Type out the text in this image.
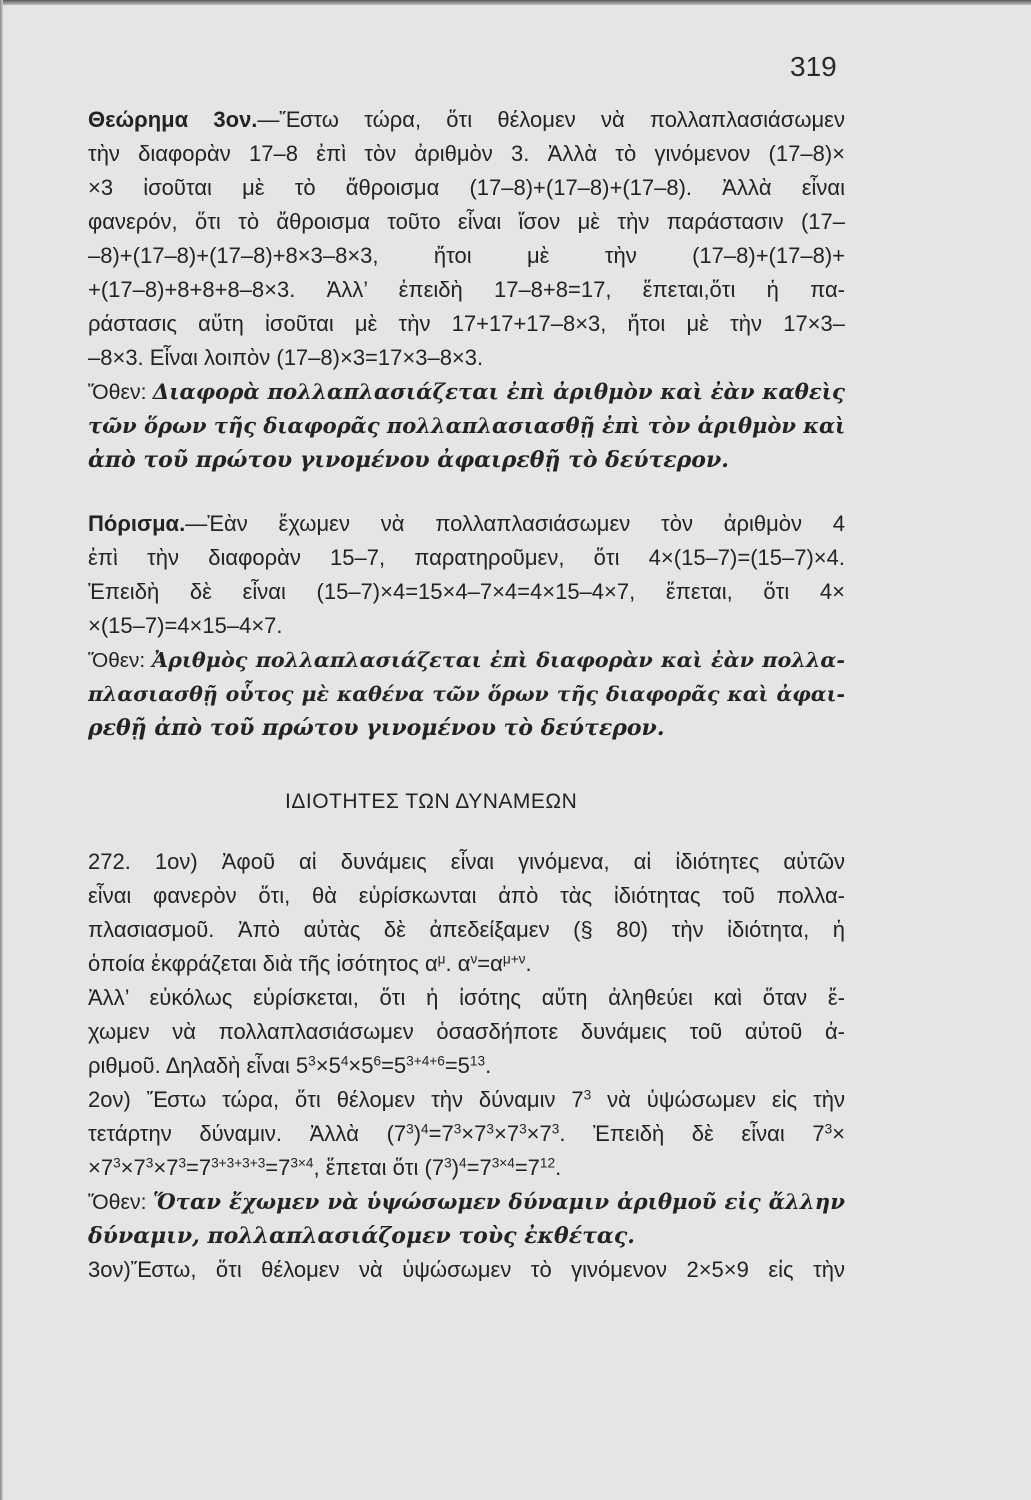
319
Θεώρημα 3ον.—Ἔστω τώρα, ὅτι θέλομεν νὰ πολλαπλασιάσωμεν
τὴν διαφορὰν 17–8 ἐπὶ τὸν ἀριθμὸν 3. Ἀλλὰ τὸ γινόμενον (17–8)×
×3 ἰσοῦται μὲ τὸ ἄθροισμα (17–8)+(17–8)+(17–8). Ἀλλὰ εἶναι
φανερόν, ὅτι τὸ ἄθροισμα τοῦτο εἶναι ἴσον μὲ τὴν παράστασιν (17–
–8)+(17–8)+(17–8)+8×3–8×3, ἤτοι μὲ τὴν (17–8)+(17–8)+
+(17–8)+8+8+8–8×3. Ἀλλ’ ἐπειδὴ 17–8+8=17, ἕπεται,ὅτι ἡ πα-
ράστασις αὕτη ἰσοῦται μὲ τὴν 17+17+17–8×3, ἤτοι μὲ τὴν 17×3–
–8×3. Εἶναι λοιπὸν (17–8)×3=17×3–8×3.
Ὅθεν: Διαφορὰ πολλαπλασιάζεται ἐπὶ ἀριθμὸν καὶ ἐὰν καθεὶς
τῶν ὅρων τῆς διαφορᾶς πολλαπλασιασθῇ ἐπὶ τὸν ἀριθμὸν καὶ
ἀπὸ τοῦ πρώτου γινομένου ἀφαιρεθῇ τὸ δεύτερον.
Πόρισμα.—Ἐὰν ἔχωμεν νὰ πολλαπλασιάσωμεν τὸν ἀριθμὸν 4
ἐπὶ τὴν διαφορὰν 15–7, παρατηροῦμεν, ὅτι 4×(15–7)=(15–7)×4.
Ἐπειδὴ δὲ εἶναι (15–7)×4=15×4–7×4=4×15–4×7, ἕπεται, ὅτι 4×
×(15–7)=4×15–4×7.
Ὅθεν: Ἀριθμὸς πολλαπλασιάζεται ἐπὶ διαφορὰν καὶ ἐὰν πολλα-
πλασιασθῇ οὗτος μὲ καθένα τῶν ὅρων τῆς διαφορᾶς καὶ ἀφαι-
ρεθῇ ἀπὸ τοῦ πρώτου γινομένου τὸ δεύτερον.
ΙΔΙΟΤΗΤΕΣ ΤΩΝ ΔΥΝΑΜΕΩΝ
272. 1ον) Ἀφοῦ αἱ δυνάμεις εἶναι γινόμενα, αἱ ἰδιότητες αὐτῶν
εἶναι φανερὸν ὅτι, θὰ εὑρίσκωνται ἀπὸ τὰς ἰδιότητας τοῦ πολλα-
πλασιασμοῦ. Ἀπὸ αὐτὰς δὲ ἀπεδείξαμεν (§ 80) τὴν ἰδιότητα, ἡ
ὁποία ἐκφράζεται διὰ τῆς ἰσότητος $\alpha^\mu$. $\alpha^\nu=\alpha^{\mu+\nu}$.
Ἀλλ’ εὐκόλως εὑρίσκεται, ὅτι ἡ ἰσότης αὕτη ἀληθεύει καὶ ὅταν ἔ-
χωμεν νὰ πολλαπλασιάσωμεν ὁσασδήποτε δυνάμεις τοῦ αὐτοῦ ἀ-
ριθμοῦ. Δηλαδὴ εἶναι $5^3\times 5^4\times 5^6=5^{3+4+6}=5^{13}$.
2ον) Ἔστω τώρα, ὅτι θέλομεν τὴν δύναμιν $7^3$ νὰ ὑψώσωμεν εἰς τὴν
τετάρτην δύναμιν. Ἀλλὰ $(7^3)^4=7^3\times 7^3\times 7^3\times 7^3$. Ἐπειδὴ δὲ εἶναι $7^3\times$
$\times 7^3\times 7^3\times 7^3=7^{3+3+3+3}=7^{3\times 4}$, ἕπεται ὅτι $(7^3)^4=7^{3\times 4}=7^{12}$.
Ὅθεν: Ὅταν ἔχωμεν νὰ ὑψώσωμεν δύναμιν ἀριθμοῦ εἰς ἄλλην
δύναμιν, πολλαπλασιάζομεν τοὺς ἐκθέτας.
3ον)Ἔστω, ὅτι θέλομεν νὰ ὑψώσωμεν τὸ γινόμενον 2×5×9 εἰς τὴν
